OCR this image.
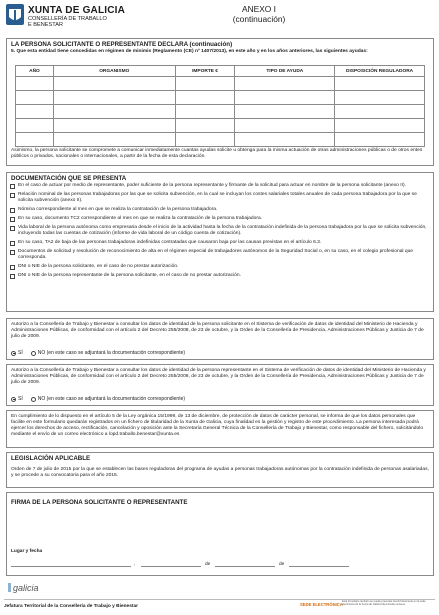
XUNTA DE GALICIA
CONSELLERÍA DE TRABALLO
E BENESTAR
ANEXO I
(continuación)
LA PERSONA SOLICITANTE O REPRESENTANTE DECLARA (continuación)
5. Que esta entidad tiene concedidas en régimen de minimis (Reglamento (CE) nº 1407/2013), en este año y en los años anteriores, las siguientes ayudas:
AÑO	ORGANISMO	IMPORTE €	TIPO DE AYUDA	DISPOSICIÓN REGULADORA

Asimismo, la persona solicitante se compromete a comunicar inmediatamente cuantas ayudas solicite u obtenga para la misma actuación de otras administraciones públicas o de otros entes públicos o privados, nacionales o internacionales, a partir de la fecha de esta declaración.
DOCUMENTACIÓN QUE SE PRESENTA
En el caso de actuar por medio de representante, poder suficiente de la persona representante y firmante de la solicitud para actuar en nombre de la persona solicitante (anexo II).
Relación nominal de las personas trabajadoras por las que se solicita subvención, en la cual se incluyan los costes salariales totales anuales de cada persona trabajadora por la que se solicita subvención (anexo II).
Nómina correspondiente al mes en que se realiza la contratación de la persona trabajadora.
En su caso, documento TC2 correspondiente al mes en que se realiza la contratación de la persona trabajadora.
Vida laboral de la persona autónoma como empresaria desde el inicio de la actividad hasta la fecha de la contratación indefinida de la persona trabajadora por la que se solicita subvención, incluyendo todas las cuentas de cotización (informe de vida laboral de un código cuenta de cotización).
En su caso, TA2 de baja de las personas trabajadoras indefinidas contratadas que causaron baja por las causas previstas en el artículo 6.3.
Documentos de solicitud y resolución de reconocimiento de alta en el régimen especial de trabajadores autónomos de la Seguridad Social o, en su caso, en el colegio profesional que corresponda.
DNI o NIE de la persona solicitante, en el caso de no prestar autorización.
DNI o NIE de la persona representante de la persona solicitante, en el caso de no prestar autorización.
Autorizo a la Consellería de Trabajo y Bienestar a consultar los datos de identidad de la persona solicitante en el Sistema de verificación de datos de identidad del Ministerio de Hacienda y Administraciones Públicas, de conformidad con el artículo 2 del Decreto 255/2008, de 23 de octubre, y la Orden de la Consellería de Presidencia, Administraciones Públicas y Justicia de 7 de julio de 2009.
SÍ	NO (en este caso se adjuntará la documentación correspondiente)
Autorizo a la Consellería de Trabajo y Bienestar a consultar los datos de identidad de la persona representante en el Sistema de verificación de datos de identidad del Ministerio de Hacienda y Administraciones Públicas, de conformidad con el artículo 2 del Decreto 255/2008, de 23 de octubre, y la Orden de la Consellería de Presidencia, Administraciones Públicas y Justicia de 7 de julio de 2009.
SÍ	NO (en este caso se adjuntará la documentación correspondiente)
En cumplimiento de lo dispuesto en el artículo 5 de la Ley orgánica 15/1999, de 13 de diciembre, de protección de datos de carácter personal, se informa de que los datos personales que facilite en este formulario quedarán registrados en un fichero de titularidad de la Xunta de Galicia, cuya finalidad es la gestión y registro de este procedimiento. La persona interesada podrá ejercer los derechos de acceso, rectificación, cancelación y oposición ante la Secretaría General Técnica de la Consellería de Trabajo y Bienestar, como responsable del fichero, solicitándolo mediante el envío de un correo electrónico a lopd.traballo.benestar@xunta.es
LEGISLACIÓN APLICABLE
Orden de 7 de julio de 2015 por la que se establecen las bases reguladoras del programa de ayudas a personas trabajadoras autónomas por la contratación indefinida de personas asalariadas, y se procede a su convocatoria para el año 2015.
FIRMA DE LA PERSONA SOLICITANTE O REPRESENTANTE
Lugar y fecha
,	de	de
galicia
Jefatura Territorial de la Consellería de Trabajo y Bienestar	SEDE ELECTRÓNICA
Esta formulario también se puede presentar electrónicamente en la sede electrónica de la Xunta de Galicia https://sede.xunta.es
